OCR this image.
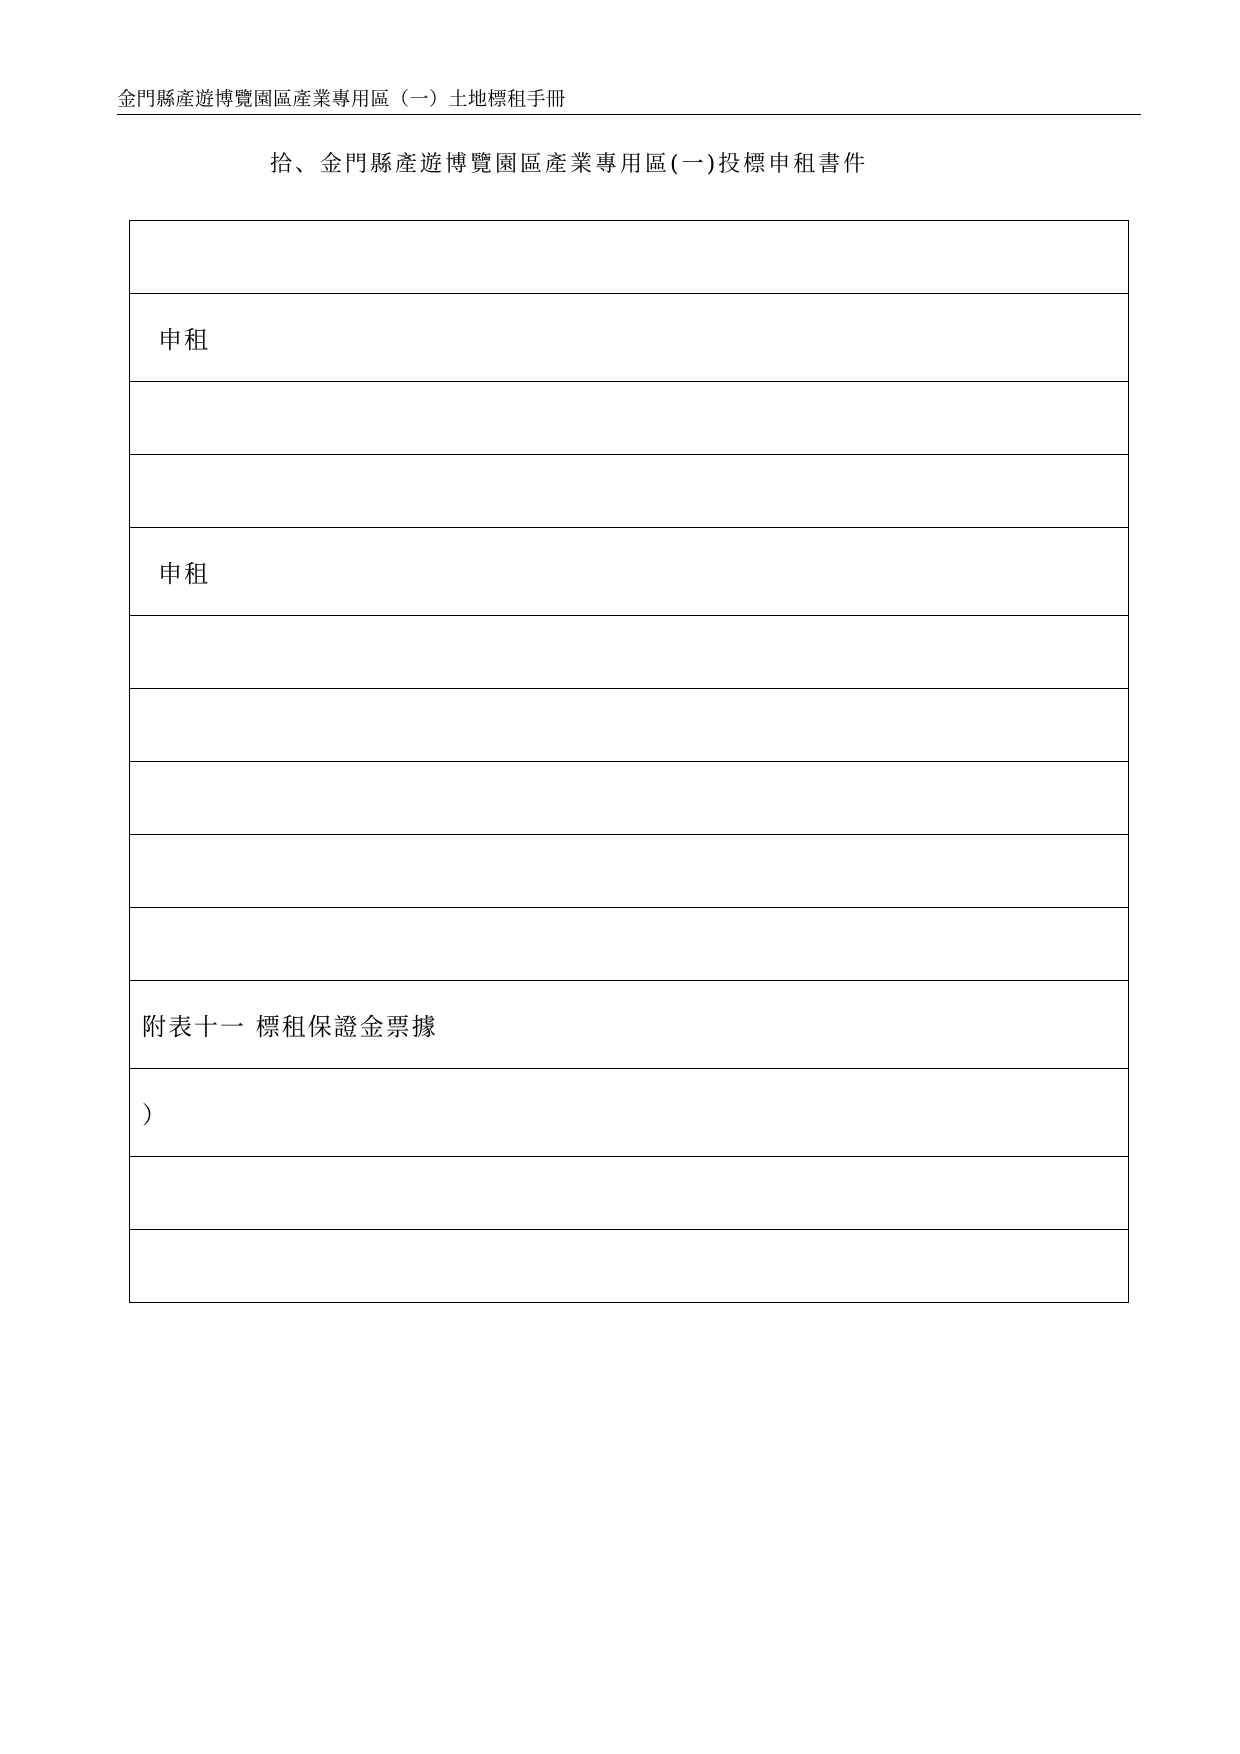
金門縣產遊博覽園區產業專用區（一）土地標租手冊
拾、金門縣產遊博覽園區產業專用區(一)投標申租書件

申租

申租

附表十一 標租保證金票據
）
